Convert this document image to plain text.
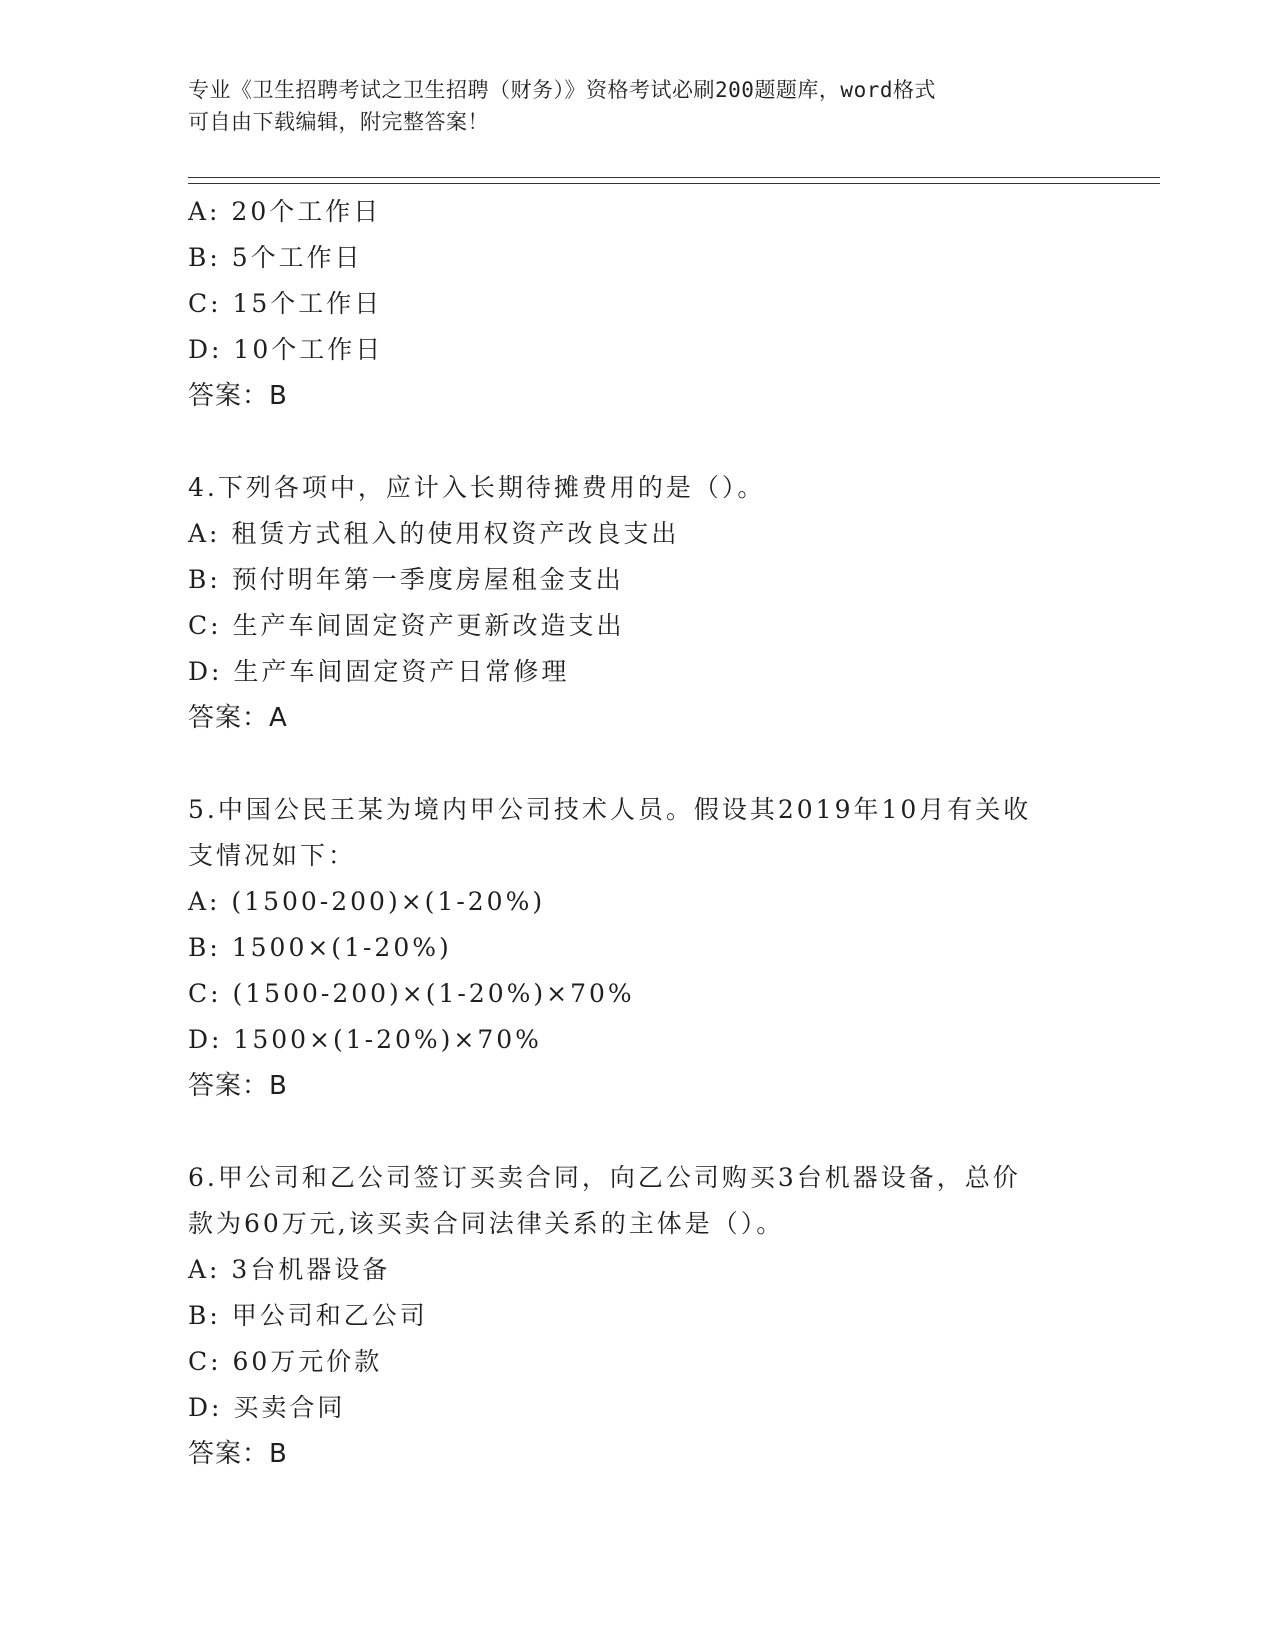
专业《卫生招聘考试之卫生招聘（财务）》资格考试必刷200题题库，word格式
可自由下载编辑，附完整答案！
A: 20个工作日
B: 5个工作日
C: 15个工作日
D: 10个工作日
答案：B
4.下列各项中，应计入长期待摊费用的是（）。
A: 租赁方式租入的使用权资产改良支出
B: 预付明年第一季度房屋租金支出
C: 生产车间固定资产更新改造支出
D: 生产车间固定资产日常修理
答案：A
5.中国公民王某为境内甲公司技术人员。假设其2019年10月有关收
支情况如下：
A: (1500-200)×(1-20%)
B: 1500×(1-20%)
C: (1500-200)×(1-20%)×70%
D: 1500×(1-20%)×70%
答案：B
6.甲公司和乙公司签订买卖合同，向乙公司购买3台机器设备，总价
款为60万元,该买卖合同法律关系的主体是（）。
A: 3台机器设备
B: 甲公司和乙公司
C: 60万元价款
D: 买卖合同
答案：B
